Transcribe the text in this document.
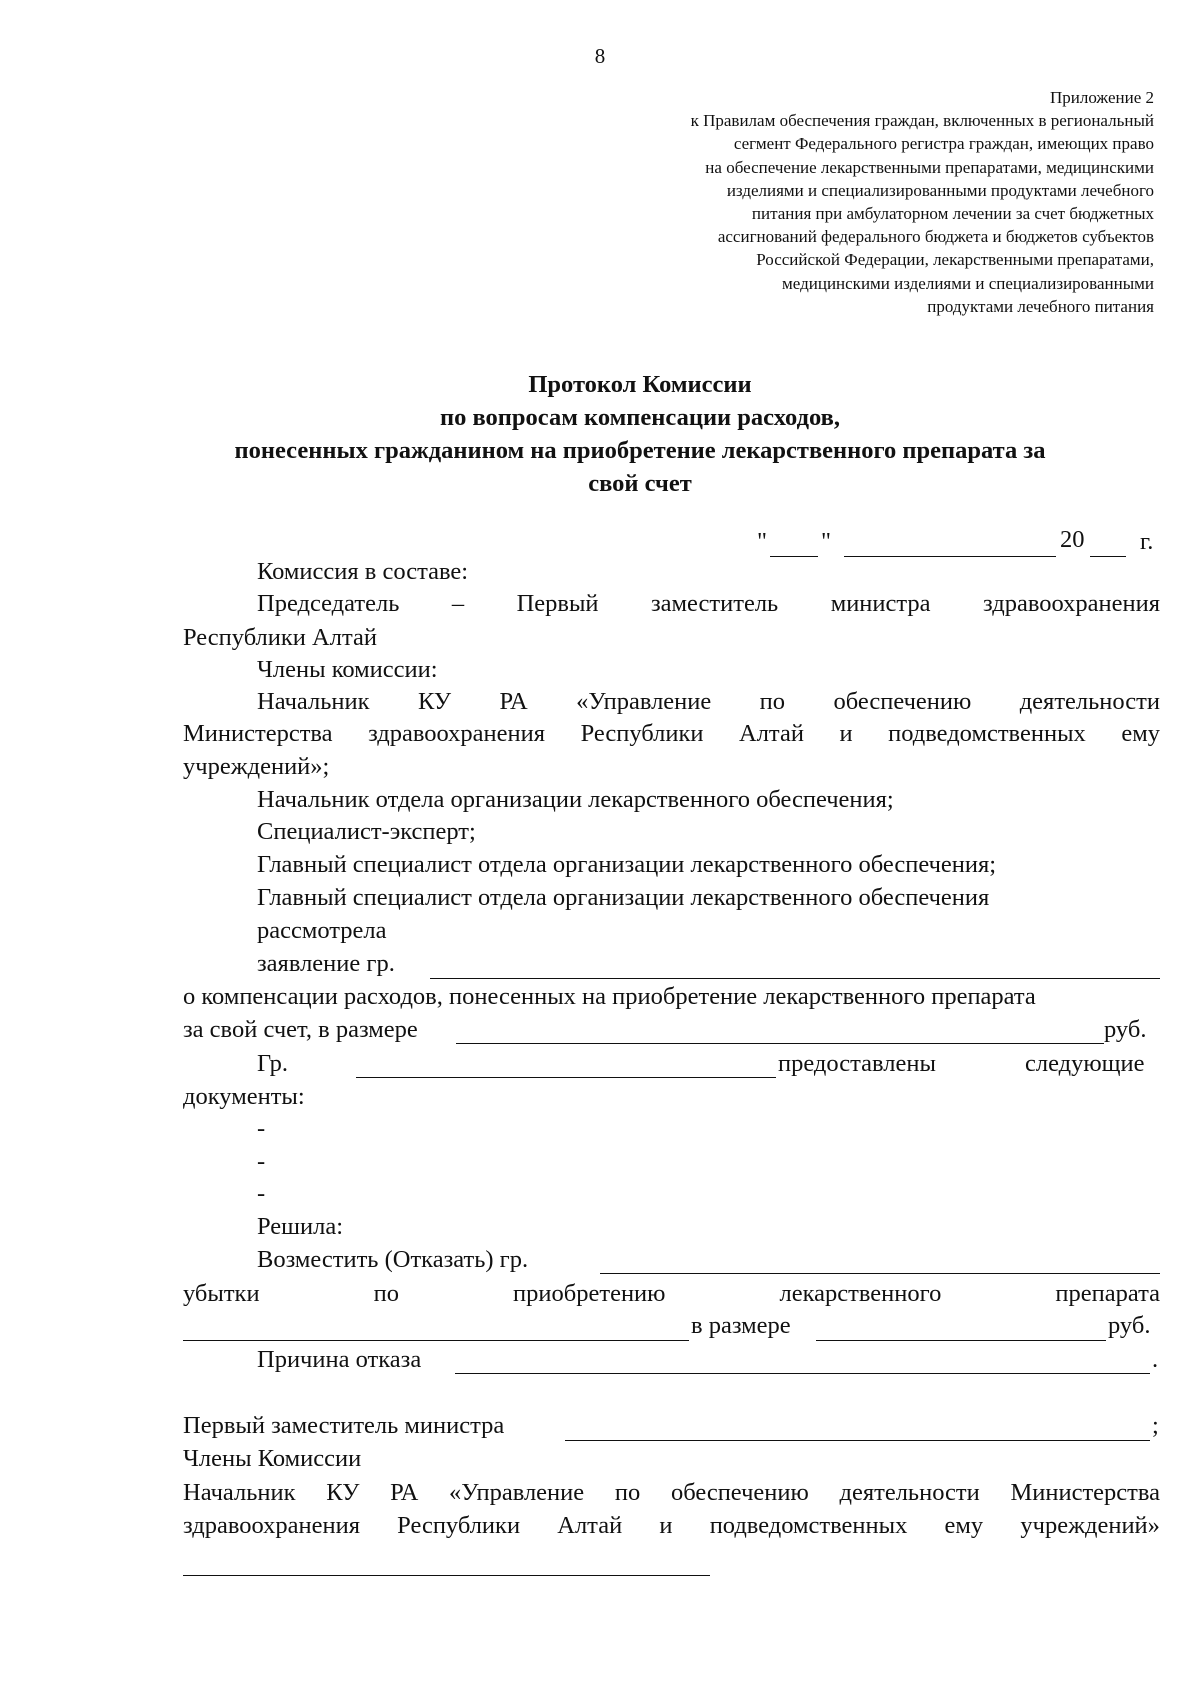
8
Приложение 2
к Правилам обеспечения граждан, включенных в региональный
сегмент Федерального регистра граждан, имеющих право
на обеспечение лекарственными препаратами, медицинскими
изделиями и специализированными продуктами лечебного
питания при амбулаторном лечении за счет бюджетных
ассигнований федерального бюджета и бюджетов субъектов
Российской Федерации, лекарственными препаратами,
медицинскими изделиями и специализированными
продуктами лечебного питания
Протокол Комиссии
по вопросам компенсации расходов,
понесенных гражданином на приобретение лекарственного препарата за
свой счет
" "	20 г.
Комиссия в составе:
Председатель – Первый заместитель министра здравоохранения
Республики Алтай
Члены комиссии:
Начальник КУ РА «Управление по обеспечению деятельности
Министерства здравоохранения Республики Алтай и подведомственных ему
учреждений»;
Начальник отдела организации лекарственного обеспечения;
Специалист-эксперт;
Главный специалист отдела организации лекарственного обеспечения;
Главный специалист отдела организации лекарственного обеспечения
рассмотрела
заявление гр.
о компенсации расходов, понесенных на приобретение лекарственного препарата
за свой счет, в размере	руб.
Гр.	предоставлены	следующие
документы:
-
-
-
Решила:
Возместить (Отказать) гр.
убытки	по	приобретению	лекарственного	препарата
в размере	руб.
Причина отказа	.
Первый заместитель министра	;
Члены Комиссии
Начальник КУ РА «Управление по обеспечению деятельности Министерства
здравоохранения Республики Алтай и подведомственных ему учреждений»
